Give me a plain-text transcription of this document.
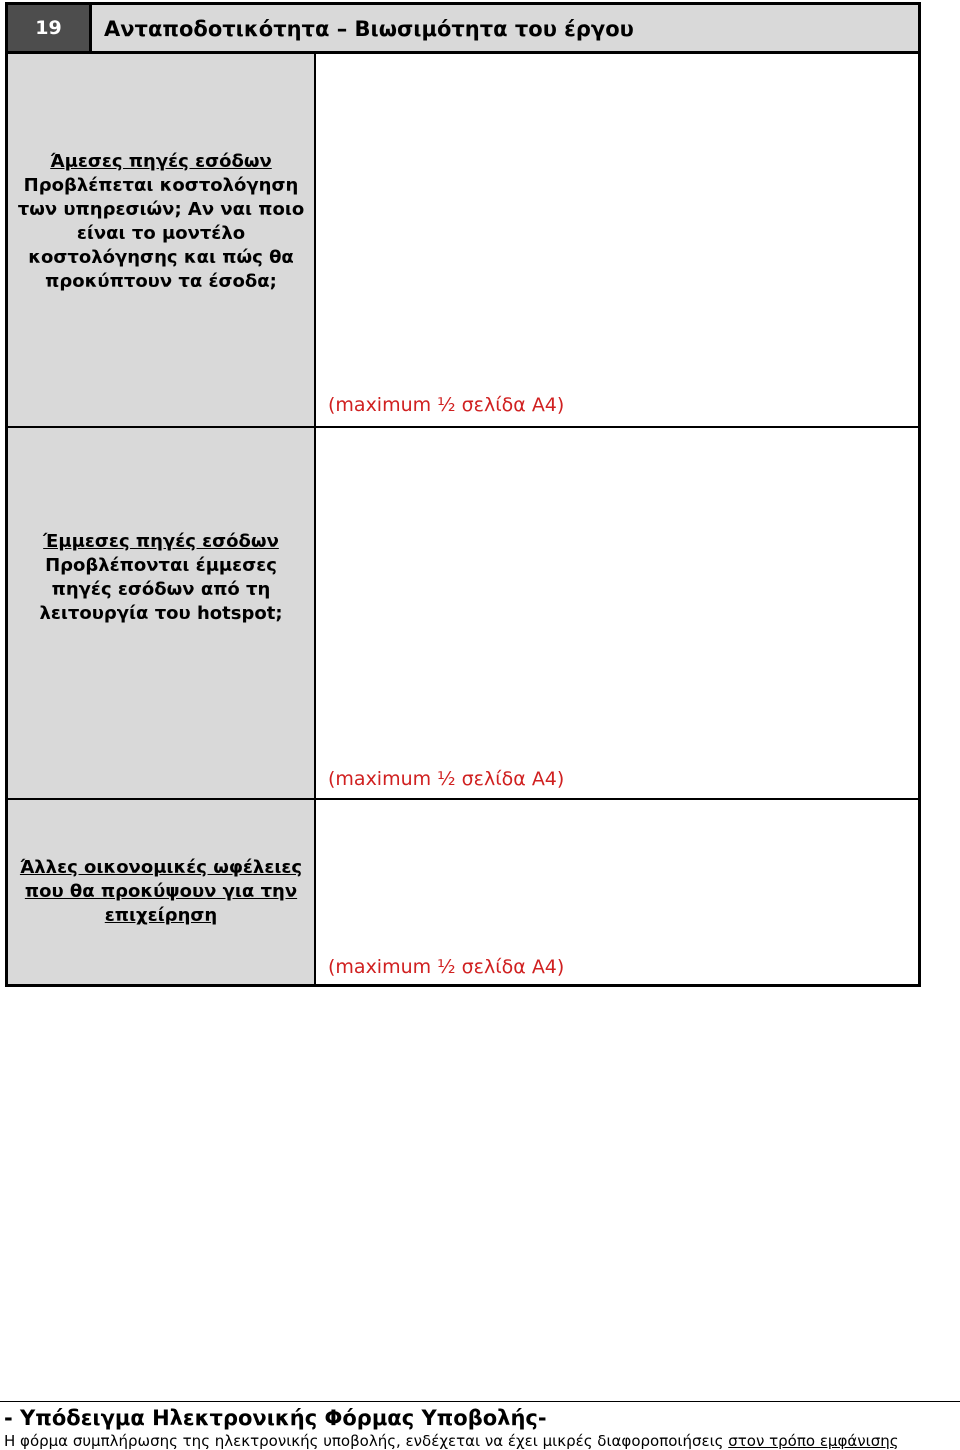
19	Ανταποδοτικότητα – Βιωσιμότητα του έργου
Άμεσες πηγές εσόδων
Προβλέπεται κοστολόγηση
των υπηρεσιών; Αν ναι ποιο
είναι το μοντέλο
κοστολόγησης και πώς θα
προκύπτουν τα έσοδα;
(maximum ½ σελίδα Α4)
Έμμεσες πηγές εσόδων
Προβλέπονται έμμεσες
πηγές εσόδων από τη
λειτουργία του hotspot;
(maximum ½ σελίδα Α4)
Άλλες οικονομικές ωφέλειες
που θα προκύψουν για την
επιχείρηση
(maximum ½ σελίδα Α4)
- Υπόδειγμα Ηλεκτρονικής Φόρμας Υποβολής-
Η φόρμα συμπλήρωσης της ηλεκτρονικής υποβολής, ενδέχεται να έχει μικρές διαφοροποιήσεις στον τρόπο εμφάνισης
